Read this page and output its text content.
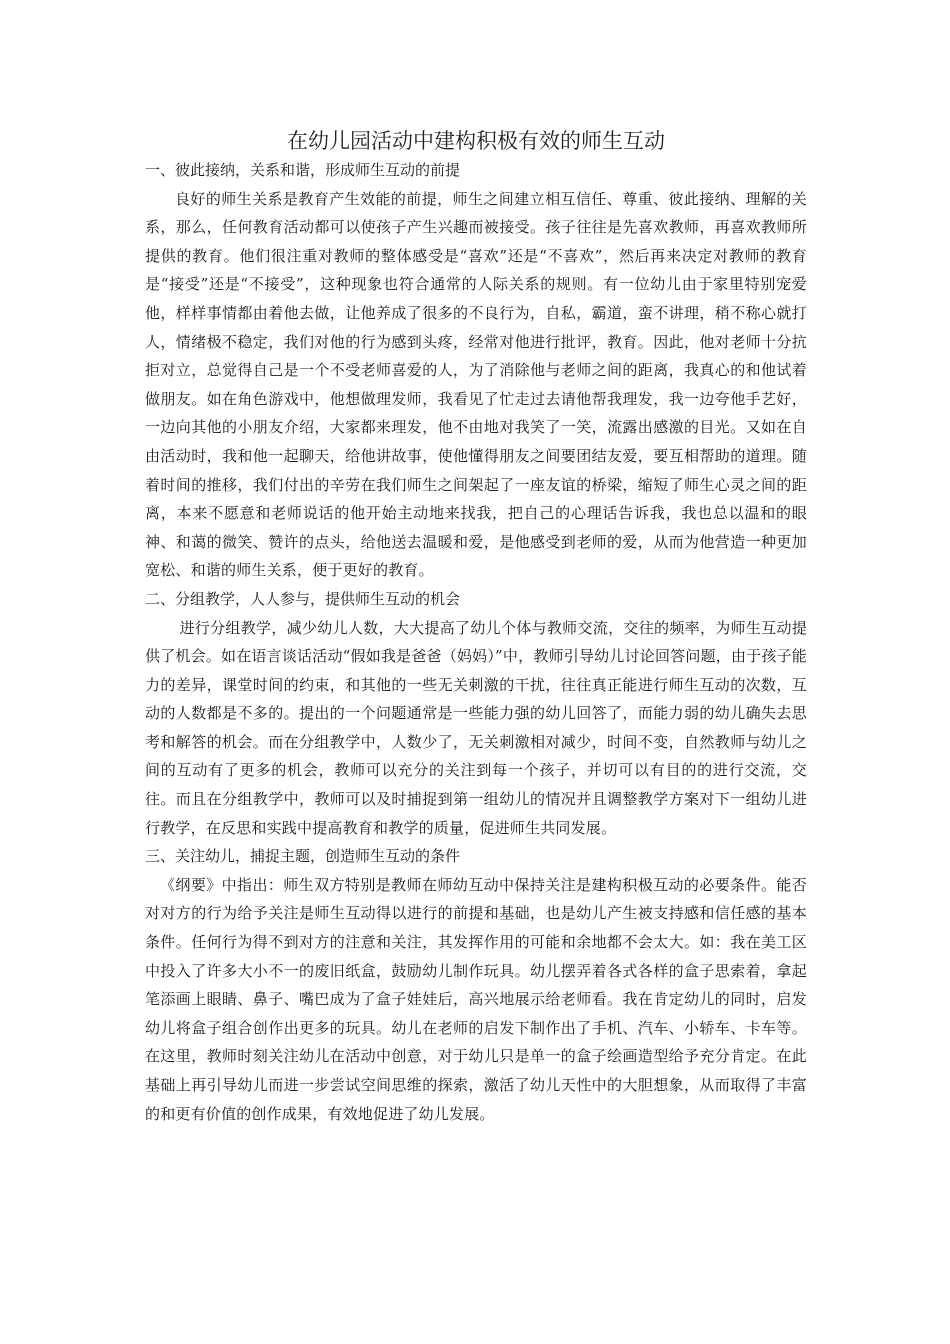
在幼儿园活动中建构积极有效的师生互动

一、彼此接纳，关系和谐，形成师生互动的前提

良好的师生关系是教育产生效能的前提，师生之间建立相互信任、尊重、彼此接纳、理解的关系，那么，任何教育活动都可以使孩子产生兴趣而被接受。孩子往往是先喜欢教师，再喜欢教师所提供的教育。他们很注重对教师的整体感受是“喜欢”还是“不喜欢”，然后再来决定对教师的教育是“接受”还是“不接受”，这种现象也符合通常的人际关系的规则。有一位幼儿由于家里特别宠爱他，样样事情都由着他去做，让他养成了很多的不良行为，自私，霸道，蛮不讲理，稍不称心就打人，情绪极不稳定，我们对他的行为感到头疼，经常对他进行批评，教育。因此，他对老师十分抗拒对立，总觉得自己是一个不受老师喜爱的人，为了消除他与老师之间的距离，我真心的和他试着做朋友。如在角色游戏中，他想做理发师，我看见了忙走过去请他帮我理发，我一边夸他手艺好，一边向其他的小朋友介绍，大家都来理发，他不由地对我笑了一笑，流露出感激的目光。又如在自由活动时，我和他一起聊天，给他讲故事，使他懂得朋友之间要团结友爱，要互相帮助的道理。随着时间的推移，我们付出的辛劳在我们师生之间架起了一座友谊的桥梁，缩短了师生心灵之间的距离，本来不愿意和老师说话的他开始主动地来找我，把自己的心理话告诉我，我也总以温和的眼神、和蔼的微笑、赞许的点头，给他送去温暖和爱，是他感受到老师的爱，从而为他营造一种更加宽松、和谐的师生关系，便于更好的教育。

二、分组教学，人人参与，提供师生互动的机会

进行分组教学，减少幼儿人数，大大提高了幼儿个体与教师交流，交往的频率，为师生互动提供了机会。如在语言谈话活动“假如我是爸爸（妈妈）”中，教师引导幼儿讨论回答问题，由于孩子能力的差异，课堂时间的约束，和其他的一些无关刺激的干扰，往往真正能进行师生互动的次数，互动的人数都是不多的。提出的一个问题通常是一些能力强的幼儿回答了，而能力弱的幼儿确失去思考和解答的机会。而在分组教学中，人数少了，无关刺激相对减少，时间不变，自然教师与幼儿之间的互动有了更多的机会，教师可以充分的关注到每一个孩子，并切可以有目的的进行交流，交往。而且在分组教学中，教师可以及时捕捉到第一组幼儿的情况并且调整教学方案对下一组幼儿进行教学，在反思和实践中提高教育和教学的质量，促进师生共同发展。

三、关注幼儿，捕捉主题，创造师生互动的条件

《纲要》中指出：师生双方特别是教师在师幼互动中保持关注是建构积极互动的必要条件。能否对对方的行为给予关注是师生互动得以进行的前提和基础，也是幼儿产生被支持感和信任感的基本条件。任何行为得不到对方的注意和关注，其发挥作用的可能和余地都不会太大。如：我在美工区中投入了许多大小不一的废旧纸盒，鼓励幼儿制作玩具。幼儿摆弄着各式各样的盒子思索着，拿起笔添画上眼睛、鼻子、嘴巴成为了盒子娃娃后，高兴地展示给老师看。我在肯定幼儿的同时，启发幼儿将盒子组合创作出更多的玩具。幼儿在老师的启发下制作出了手机、汽车、小轿车、卡车等。在这里，教师时刻关注幼儿在活动中创意，对于幼儿只是单一的盒子绘画造型给予充分肯定。在此基础上再引导幼儿而进一步尝试空间思维的探索，激活了幼儿天性中的大胆想象，从而取得了丰富的和更有价值的创作成果，有效地促进了幼儿发展。
